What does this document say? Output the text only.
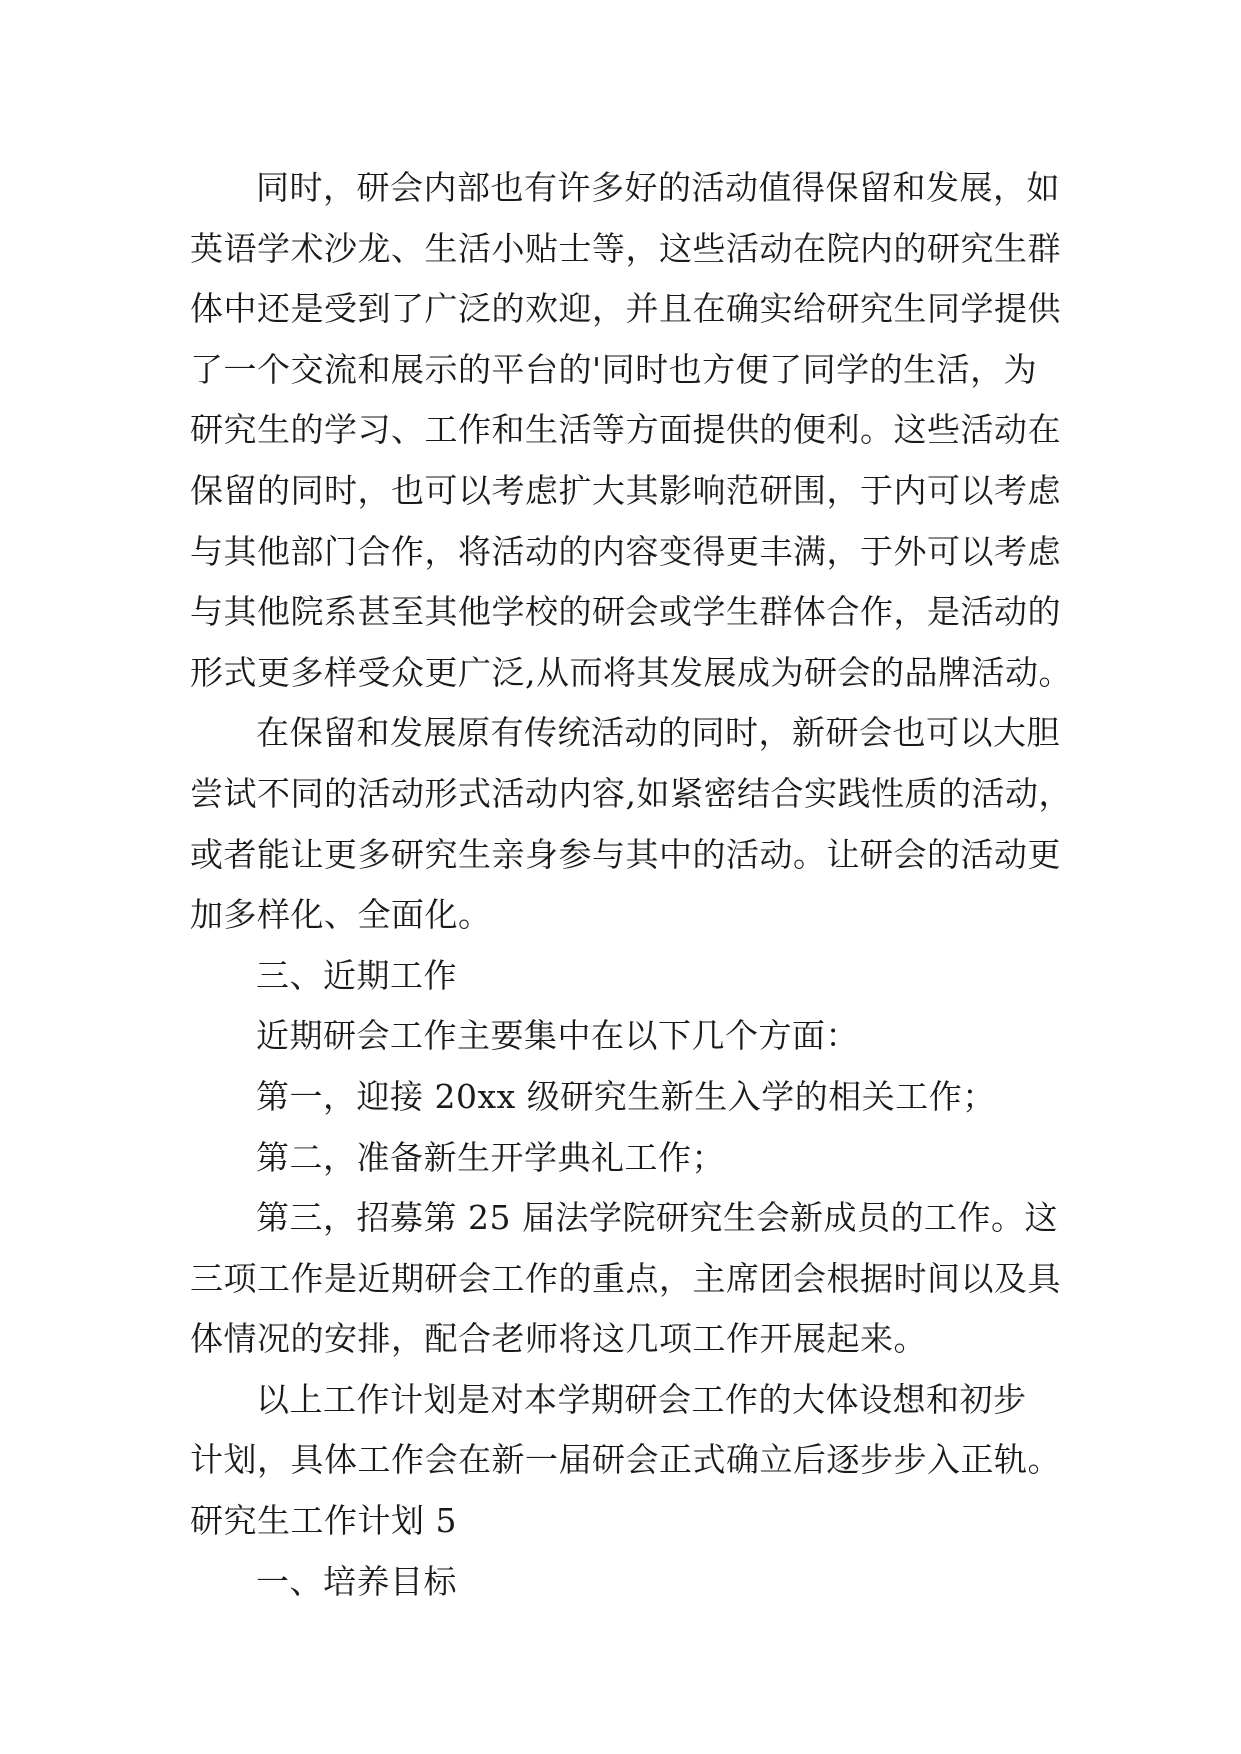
同时，研会内部也有许多好的活动值得保留和发展，如
英语学术沙龙、生活小贴士等，这些活动在院内的研究生群
体中还是受到了广泛的欢迎，并且在确实给研究生同学提供
了一个交流和展示的平台的'同时也方便了同学的生活，为
研究生的学习、工作和生活等方面提供的便利。这些活动在
保留的同时，也可以考虑扩大其影响范研围，于内可以考虑
与其他部门合作，将活动的内容变得更丰满，于外可以考虑
与其他院系甚至其他学校的研会或学生群体合作，是活动的
形式更多样受众更广泛,从而将其发展成为研会的品牌活动。
在保留和发展原有传统活动的同时，新研会也可以大胆
尝试不同的活动形式活动内容,如紧密结合实践性质的活动，
或者能让更多研究生亲身参与其中的活动。让研会的活动更
加多样化、全面化。
三、近期工作
近期研会工作主要集中在以下几个方面：
第一，迎接 20xx 级研究生新生入学的相关工作；
第二，准备新生开学典礼工作；
第三，招募第 25 届法学院研究生会新成员的工作。这
三项工作是近期研会工作的重点，主席团会根据时间以及具
体情况的安排，配合老师将这几项工作开展起来。
以上工作计划是对本学期研会工作的大体设想和初步
计划，具体工作会在新一届研会正式确立后逐步步入正轨。
研究生工作计划 5
一、培养目标
